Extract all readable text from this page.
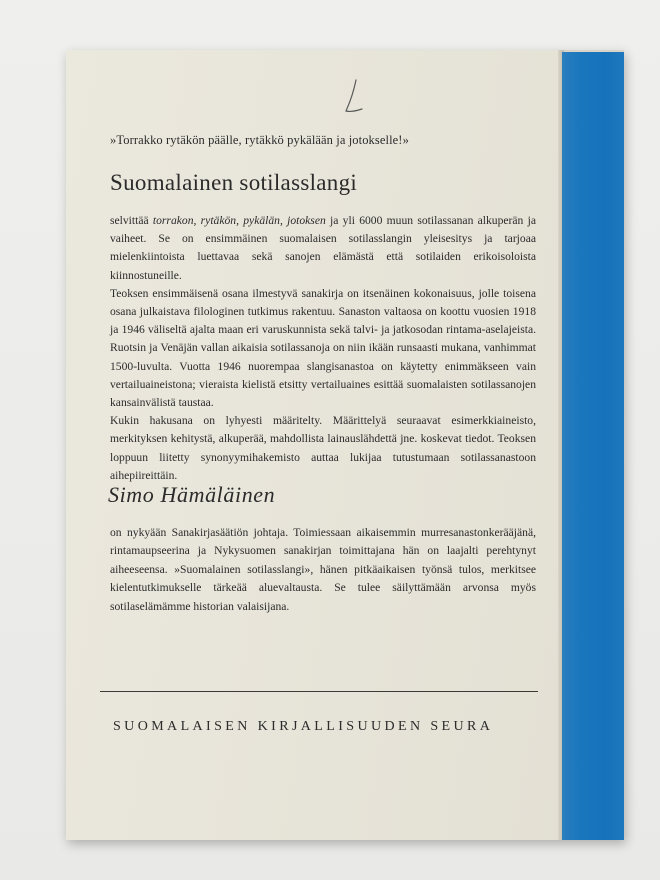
»Torrakko rytäkön päälle, rytäkkö pykälään ja jotokselle!»
Suomalainen sotilasslangi

selvittää torrakon, rytäkön, pykälän, jotoksen ja yli 6000 muun sotilassanan alkuperän ja vaiheet. Se on ensimmäinen suomalaisen sotilasslangin yleisesitys ja tarjoaa mielenkiintoista luettavaa sekä sanojen elämästä että sotilaiden erikoisoloista kiinnostuneille.

Teoksen ensimmäisenä osana ilmestyvä sanakirja on itsenäinen kokonaisuus, jolle toisena osana julkaistava filologinen tutkimus rakentuu. Sanaston valtaosa on koottu vuosien 1918 ja 1946 väliseltä ajalta maan eri varuskunnista sekä talvi- ja jatkosodan rintama-aselajeista. Ruotsin ja Venäjän vallan aikaisia sotilassanoja on niin ikään runsaasti mukana, vanhimmat 1500-luvulta. Vuotta 1946 nuorempaa slangisanastoa on käytetty enimmäkseen vain vertailuaineistona; vieraista kielistä etsitty vertailuaines esittää suomalaisten sotilassanojen kansainvälistä taustaa.

Kukin hakusana on lyhyesti määritelty. Määrittelyä seuraavat esimerkkiaineisto, merkityksen kehitystä, alkuperää, mahdollista lainauslähdettä jne. koskevat tiedot. Teoksen loppuun liitetty synonyymihakemisto auttaa lukijaa tutustumaan sotilassanastoon aihepiireittäin.

Simo Hämäläinen
on nykyään Sanakirjasäätiön johtaja. Toimiessaan aikaisemmin murresanastonkerääjänä, rintamaupseerina ja Nykysuomen sanakirjan toimittajana hän on laajalti perehtynyt aiheeseensa. »Suomalainen sotilasslangi», hänen pitkäaikaisen työnsä tulos, merkitsee kielentutkimukselle tärkeää aluevaltausta. Se tulee säilyttämään arvonsa myös sotilaselämämme historian valaisijana.
SUOMALAISEN KIRJALLISUUDEN SEURA
